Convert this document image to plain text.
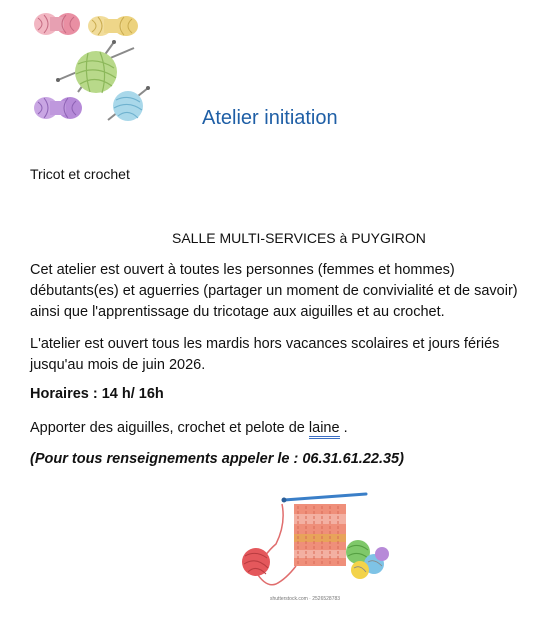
Atelier initiation
Tricot et crochet
SALLE MULTI-SERVICES à PUYGIRON
Cet atelier est ouvert à toutes les personnes (femmes et hommes) débutants(es) et aguerries (partager un moment de convivialité et de savoir) ainsi que l'apprentissage du tricotage aux aiguilles et au crochet.
L'atelier est ouvert tous les mardis hors vacances scolaires et jours fériés jusqu'au mois de juin 2026.
Horaires : 14 h/ 16h
Apporter des aiguilles, crochet et pelote de laine .
(Pour tous renseignements appeler le : 06.31.61.22.35)
shutterstock.com · 2526528783
